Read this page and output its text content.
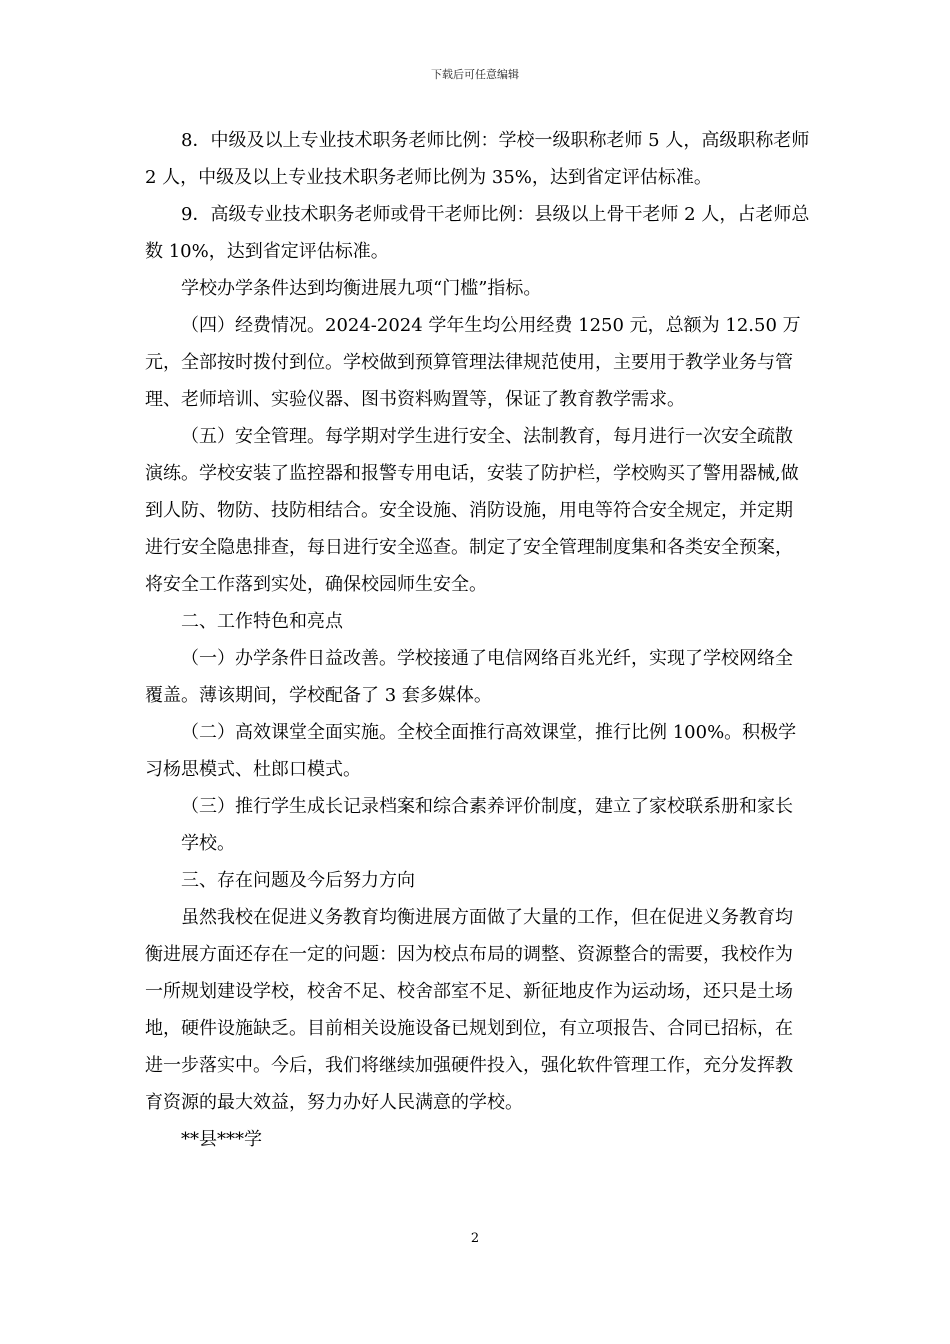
下载后可任意编辑

8．中级及以上专业技术职务老师比例：学校一级职称老师 5 人，高级职称老师 2 人，中级及以上专业技术职务老师比例为 35%，达到省定评估标准。

9．高级专业技术职务老师或骨干老师比例：县级以上骨干老师 2 人，占老师总数 10%，达到省定评估标准。

学校办学条件达到均衡进展九项“门槛”指标。

（四）经费情况。2024-2024 学年生均公用经费 1250 元，总额为 12.50 万元，全部按时拨付到位。学校做到预算管理法律规范使用，主要用于教学业务与管理、老师培训、实验仪器、图书资料购置等，保证了教育教学需求。

（五）安全管理。每学期对学生进行安全、法制教育，每月进行一次安全疏散演练。学校安装了监控器和报警专用电话，安装了防护栏，学校购买了警用器械,做到人防、物防、技防相结合。安全设施、消防设施，用电等符合安全规定，并定期进行安全隐患排查，每日进行安全巡查。制定了安全管理制度集和各类安全预案，将安全工作落到实处，确保校园师生安全。

二、工作特色和亮点

（一）办学条件日益改善。学校接通了电信网络百兆光纤，实现了学校网络全覆盖。薄该期间，学校配备了 3 套多媒体。

（二）高效课堂全面实施。全校全面推行高效课堂，推行比例 100%。积极学习杨思模式、杜郎口模式。

（三）推行学生成长记录档案和综合素养评价制度，建立了家校联系册和家长

学校。

三、存在问题及今后努力方向

虽然我校在促进义务教育均衡进展方面做了大量的工作，但在促进义务教育均衡进展方面还存在一定的问题：因为校点布局的调整、资源整合的需要，我校作为一所规划建设学校，校舍不足、校舍部室不足、新征地皮作为运动场，还只是土场地，硬件设施缺乏。目前相关设施设备已规划到位，有立项报告、合同已招标，在进一步落实中。今后，我们将继续加强硬件投入，强化软件管理工作，充分发挥教育资源的最大效益，努力办好人民满意的学校。

**县***学

2
